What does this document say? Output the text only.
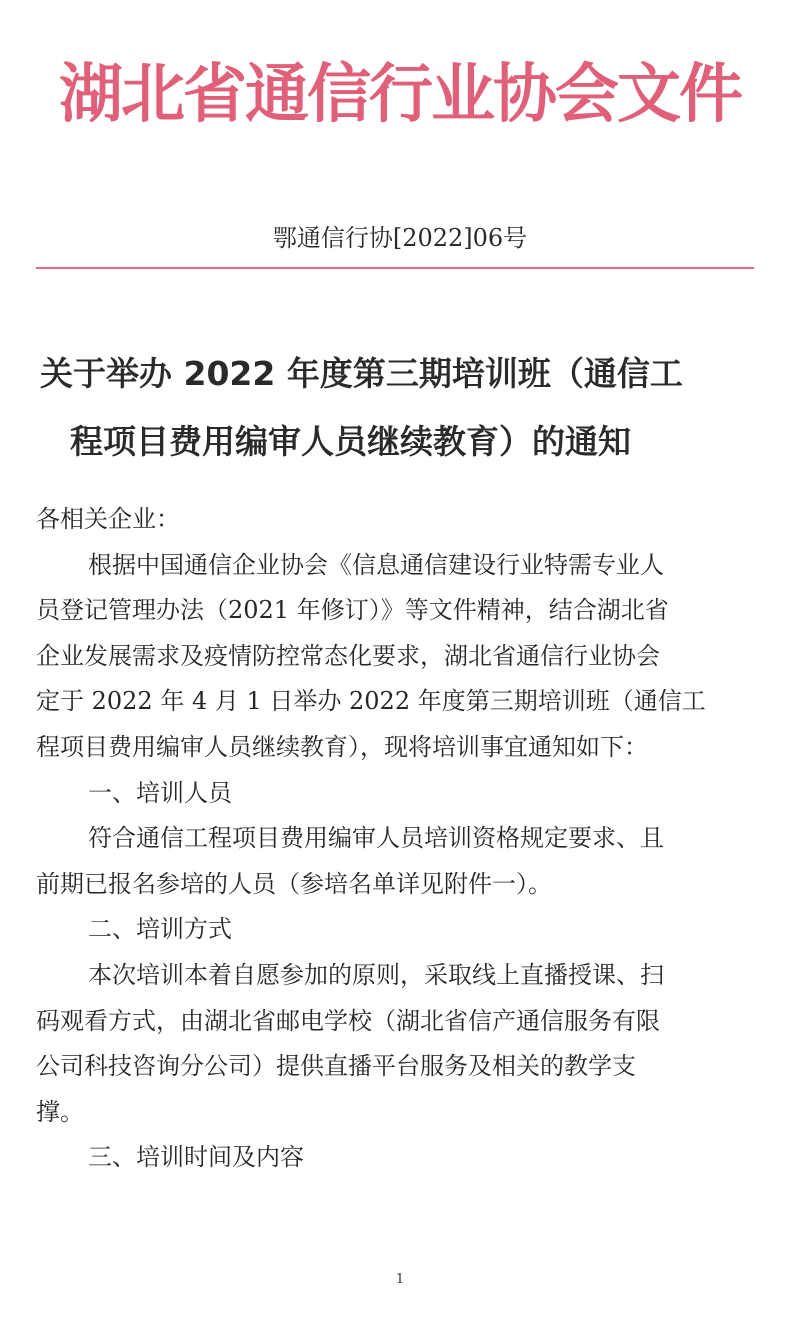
湖北省通信行业协会文件
鄂通信行协[2022]06号
关于举办 2022 年度第三期培训班（通信工
程项目费用编审人员继续教育）的通知
各相关企业：
根据中国通信企业协会《信息通信建设行业特需专业人
员登记管理办法（2021 年修订）》等文件精神，结合湖北省
企业发展需求及疫情防控常态化要求，湖北省通信行业协会
定于 2022 年 4 月 1 日举办 2022 年度第三期培训班（通信工
程项目费用编审人员继续教育），现将培训事宜通知如下：
一、培训人员
符合通信工程项目费用编审人员培训资格规定要求、且
前期已报名参培的人员（参培名单详见附件一）。
二、培训方式
本次培训本着自愿参加的原则，采取线上直播授课、扫
码观看方式，由湖北省邮电学校（湖北省信产通信服务有限
公司科技咨询分公司）提供直播平台服务及相关的教学支
撑。
三、培训时间及内容
1
